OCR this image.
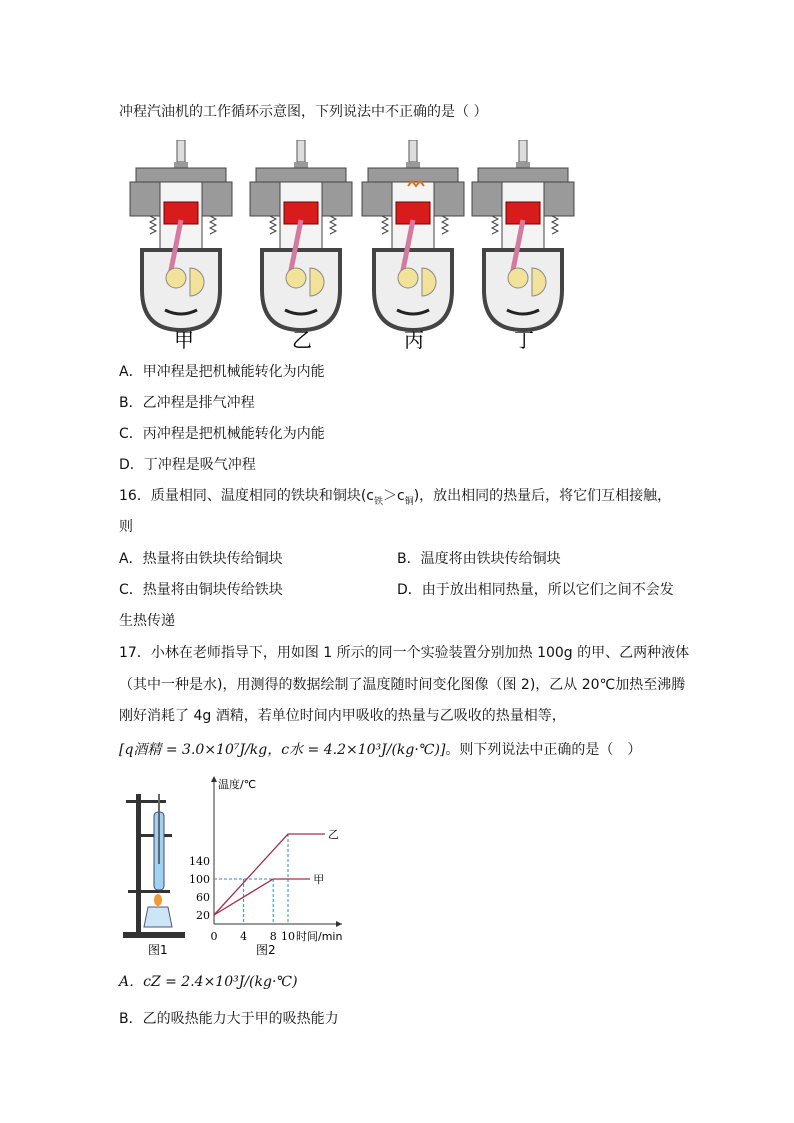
冲程汽油机的工作循环示意图，下列说法中不正确的是（ ）
甲	乙	丙	丁
A．甲冲程是把机械能转化为内能
B．乙冲程是排气冲程
C．丙冲程是把机械能转化为内能
D．丁冲程是吸气冲程
16．质量相同、温度相同的铁块和铜块$(c_铁>c_铜)$，放出相同的热量后，将它们互相接触，
则
A．热量将由铁块传给铜块	B．温度将由铁块传给铜块
C．热量将由铜块传给铁块	D．由于放出相同热量，所以它们之间不会发
生热传递
17．小林在老师指导下，用如图 1 所示的同一个实验装置分别加热 100g 的甲、乙两种液体
（其中一种是水)，用测得的数据绘制了温度随时间变化图像（图 2)，乙从 20℃加热至沸腾
刚好消耗了 4g 酒精，若单位时间内甲吸收的热量与乙吸收的热量相等，
[q酒精 = 3.0×10⁷J/kg，c水 = 4.2×10³J/(kg·℃)]。则下列说法中正确的是（　）
图1
温度/℃
时间/min
20
60
100
140
0 4 8 10
甲
乙
图2
A．cZ = 2.4×10³J/(kg·℃)
B．乙的吸热能力大于甲的吸热能力
